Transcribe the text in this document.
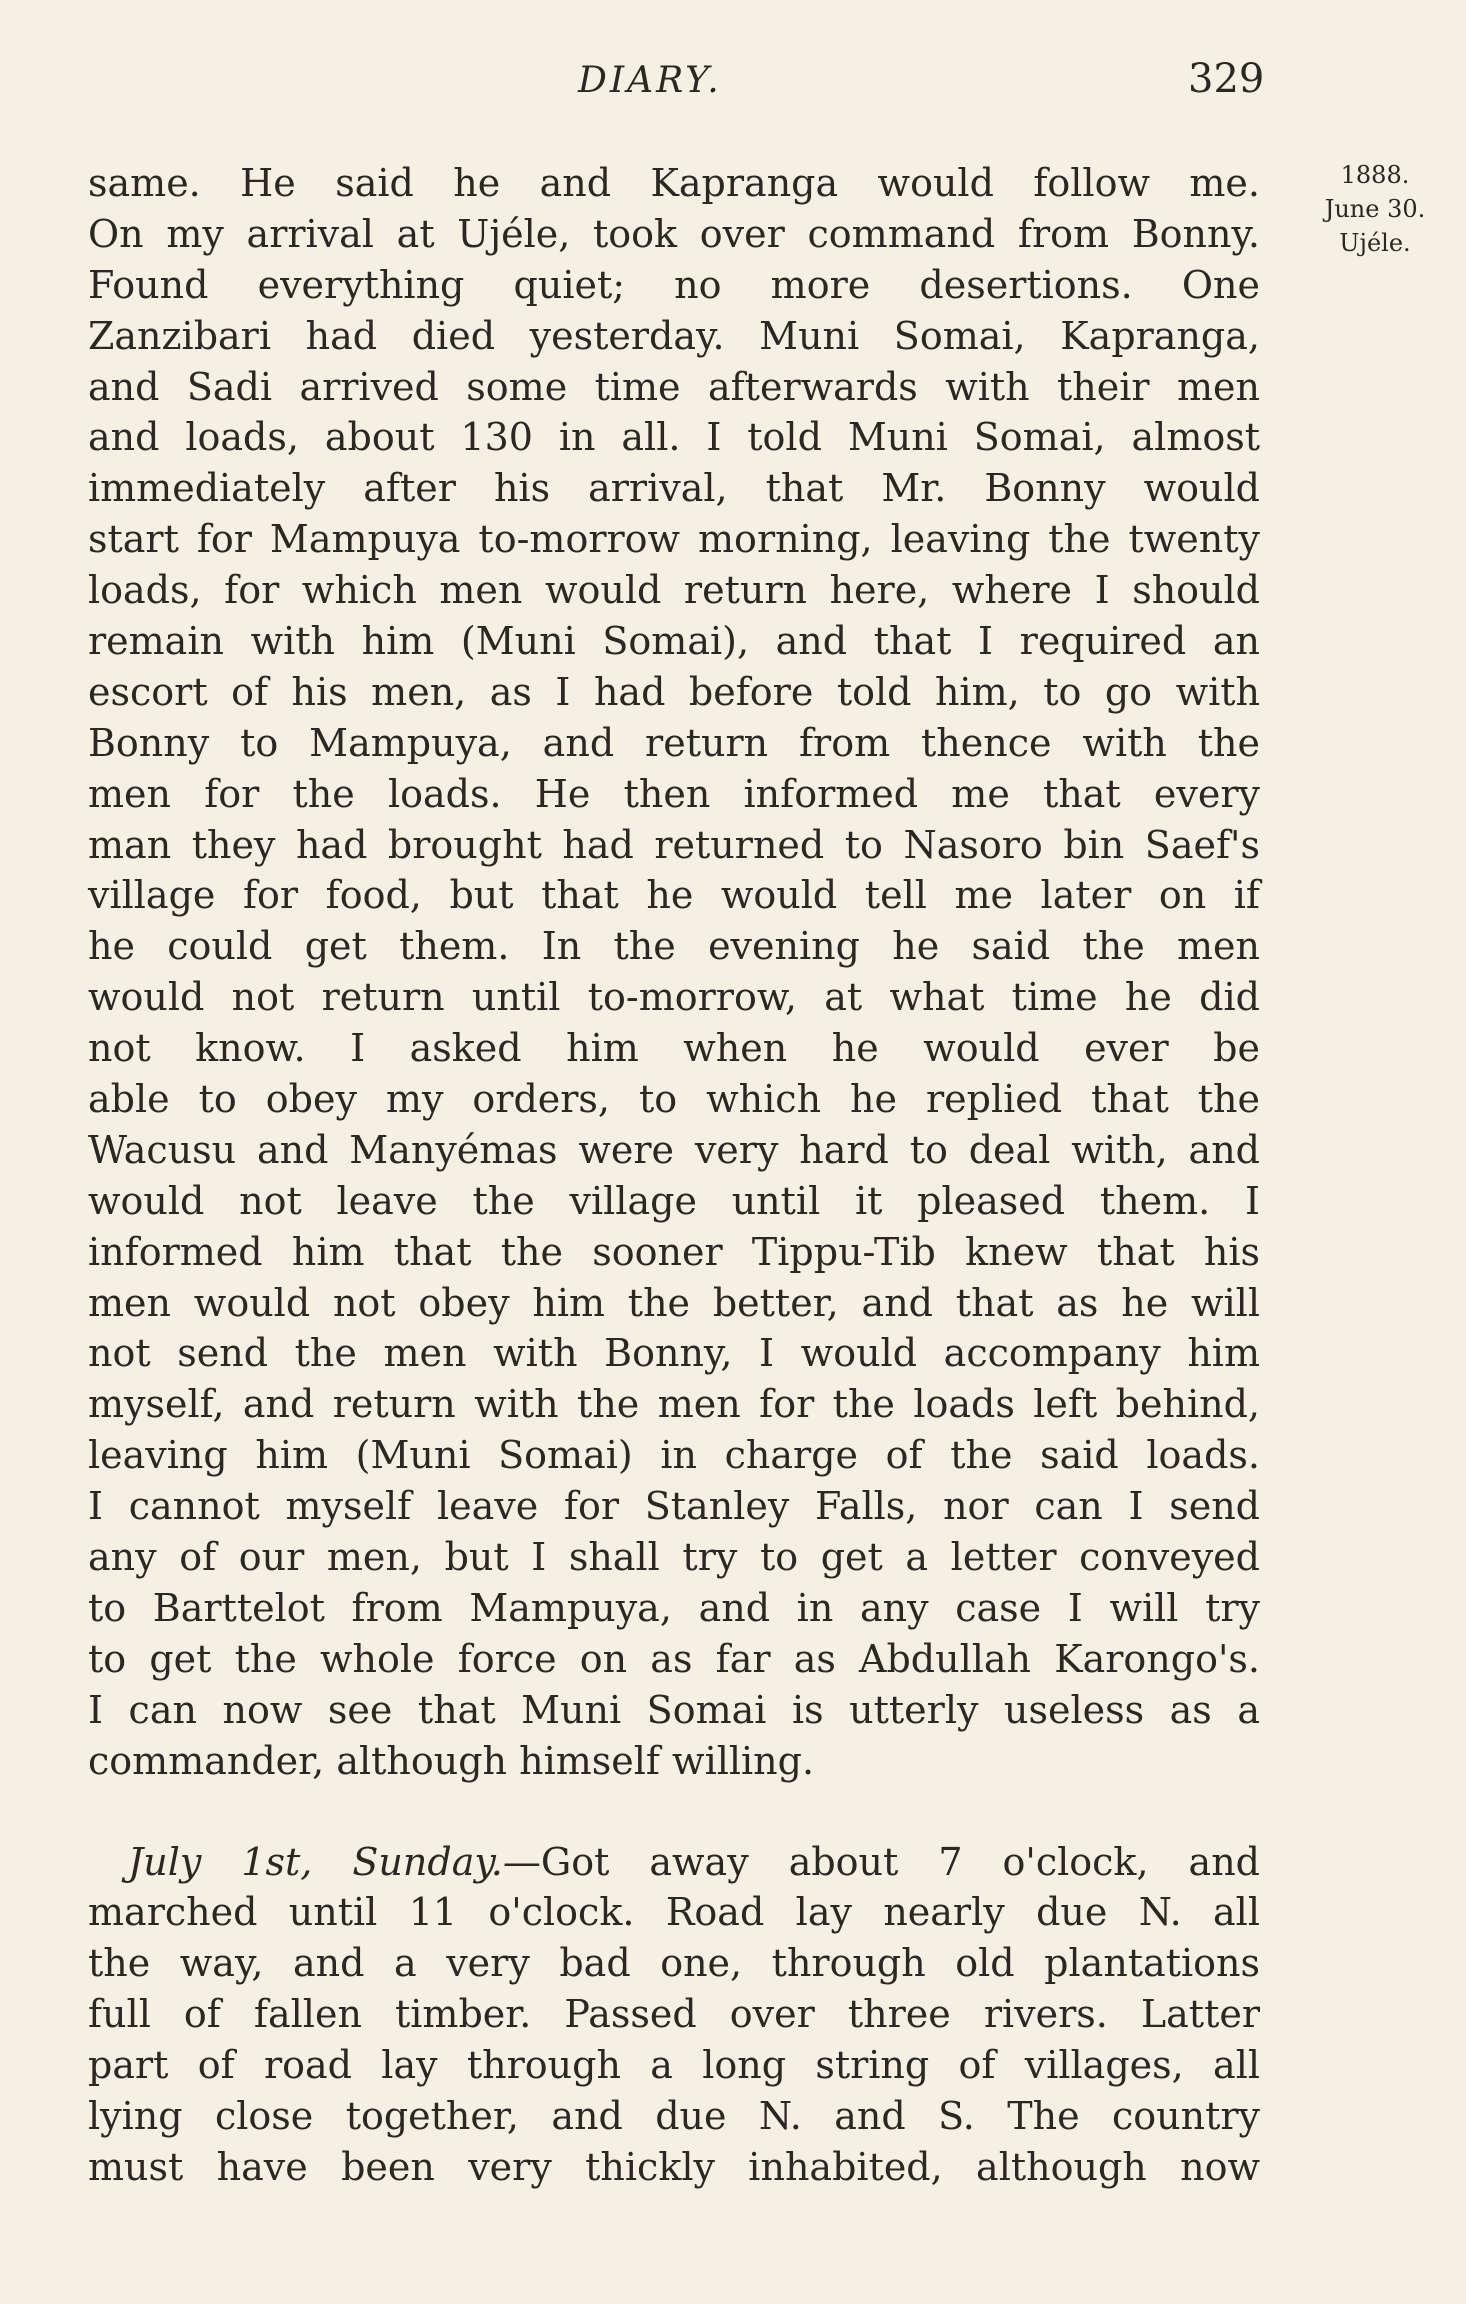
DIARY.	329
1888.
June 30.
Ujéle.
same. He said he and Kapranga would follow me.
On my arrival at Ujéle, took over command from Bonny.
Found everything quiet; no more desertions. One
Zanzibari had died yesterday. Muni Somai, Kapranga,
and Sadi arrived some time afterwards with their men
and loads, about 130 in all. I told Muni Somai, almost
immediately after his arrival, that Mr. Bonny would
start for Mampuya to-morrow morning, leaving the twenty
loads, for which men would return here, where I should
remain with him (Muni Somai), and that I required an
escort of his men, as I had before told him, to go with
Bonny to Mampuya, and return from thence with the
men for the loads. He then informed me that every
man they had brought had returned to Nasoro bin Saef's
village for food, but that he would tell me later on if
he could get them. In the evening he said the men
would not return until to-morrow, at what time he did
not know. I asked him when he would ever be
able to obey my orders, to which he replied that the
Wacusu and Manyémas were very hard to deal with, and
would not leave the village until it pleased them. I
informed him that the sooner Tippu-Tib knew that his
men would not obey him the better, and that as he will
not send the men with Bonny, I would accompany him
myself, and return with the men for the loads left behind,
leaving him (Muni Somai) in charge of the said loads.
I cannot myself leave for Stanley Falls, nor can I send
any of our men, but I shall try to get a letter conveyed
to Barttelot from Mampuya, and in any case I will try
to get the whole force on as far as Abdullah Karongo's.
I can now see that Muni Somai is utterly useless as a
commander, although himself willing.
July 1st, Sunday.—Got away about 7 o'clock, and
marched until 11 o'clock. Road lay nearly due N. all
the way, and a very bad one, through old plantations
full of fallen timber. Passed over three rivers. Latter
part of road lay through a long string of villages, all
lying close together, and due N. and S. The country
must have been very thickly inhabited, although now
